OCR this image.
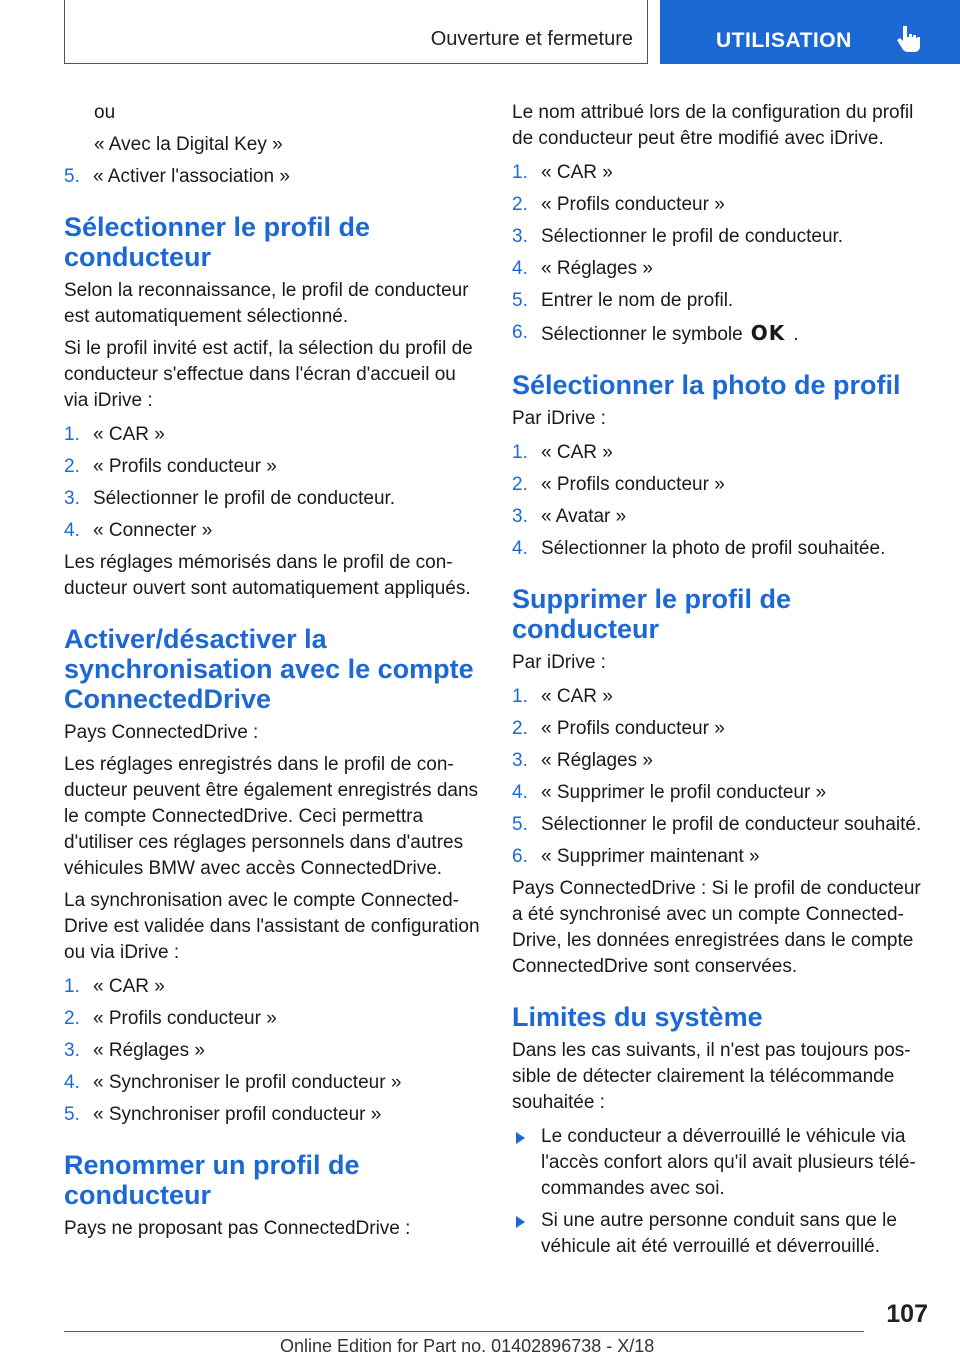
Ouverture et fermeture	UTILISATION
ou
« Avec la Digital Key »
5. « Activer l'association »
Sélectionner le profil de conducteur

Selon la reconnaissance, le profil de conducteur est automatiquement sélectionné.

Si le profil invité est actif, la sélection du profil de conducteur s'effectue dans l'écran d'accueil ou via iDrive :

1. « CAR »
2. « Profils conducteur »
3. Sélectionner le profil de conducteur.
4. « Connecter »

Les réglages mémorisés dans le profil de con‐ducteur ouvert sont automatiquement appliqués.

Activer/désactiver la synchronisation avec le compte ConnectedDrive

Pays ConnectedDrive :

Les réglages enregistrés dans le profil de con‐ducteur peuvent être également enregistrés dans le compte ConnectedDrive. Ceci permettra d'utiliser ces réglages personnels dans d'autres véhicules BMW avec accès ConnectedDrive.

La synchronisation avec le compte Connected‐Drive est validée dans l'assistant de configuration ou via iDrive :

1. « CAR »
2. « Profils conducteur »
3. « Réglages »
4. « Synchroniser le profil conducteur »
5. « Synchroniser profil conducteur »
Renommer un profil de conducteur

Pays ne proposant pas ConnectedDrive :

Le nom attribué lors de la configuration du profil de conducteur peut être modifié avec iDrive.

1. « CAR »
2. « Profils conducteur »
3. Sélectionner le profil de conducteur.
4. « Réglages »
5. Entrer le nom de profil.
6. Sélectionner le symbole OK .
Sélectionner la photo de profil

Par iDrive :

1. « CAR »
2. « Profils conducteur »
3. « Avatar »
4. Sélectionner la photo de profil souhaitée.
Supprimer le profil de conducteur

Par iDrive :

1. « CAR »
2. « Profils conducteur »
3. « Réglages »
4. « Supprimer le profil conducteur »
5. Sélectionner le profil de conducteur souhaité.
6. « Supprimer maintenant »

Pays ConnectedDrive : Si le profil de conducteur a été synchronisé avec un compte Connected‐Drive, les données enregistrées dans le compte ConnectedDrive sont conservées.

Limites du système

Dans les cas suivants, il n'est pas toujours pos‐sible de détecter clairement la télécommande souhaitée :

Le conducteur a déverrouillé le véhicule via l'accès confort alors qu'il avait plusieurs télé‐commandes avec soi.
Si une autre personne conduit sans que le véhicule ait été verrouillé et déverrouillé.
107
Online Edition for Part no. 01402896738 - X/18
